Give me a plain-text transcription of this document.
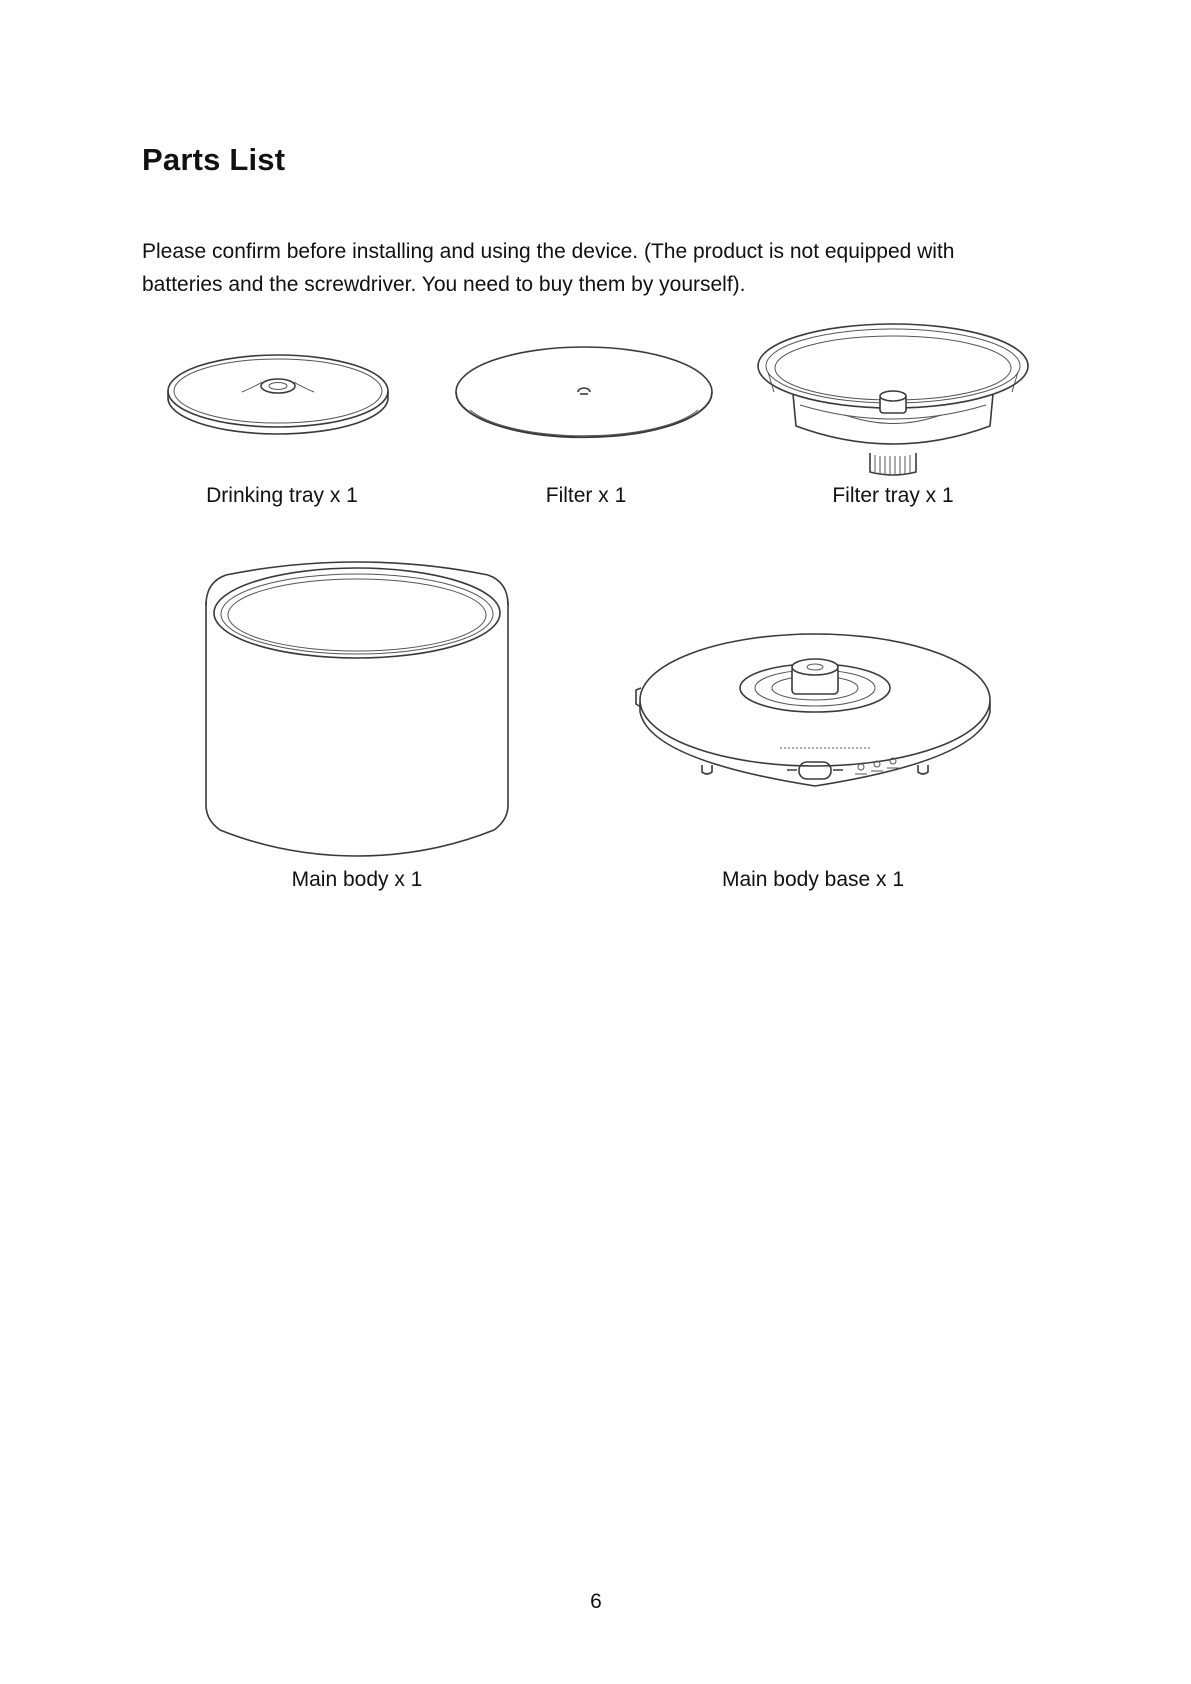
Parts List

Please confirm before installing and using the device. (The product is not equipped with
batteries and the screwdriver. You need to buy them by yourself).

Drinking tray x 1	Filter x 1	Filter tray x 1
Main body x 1	Main body base x 1
6
